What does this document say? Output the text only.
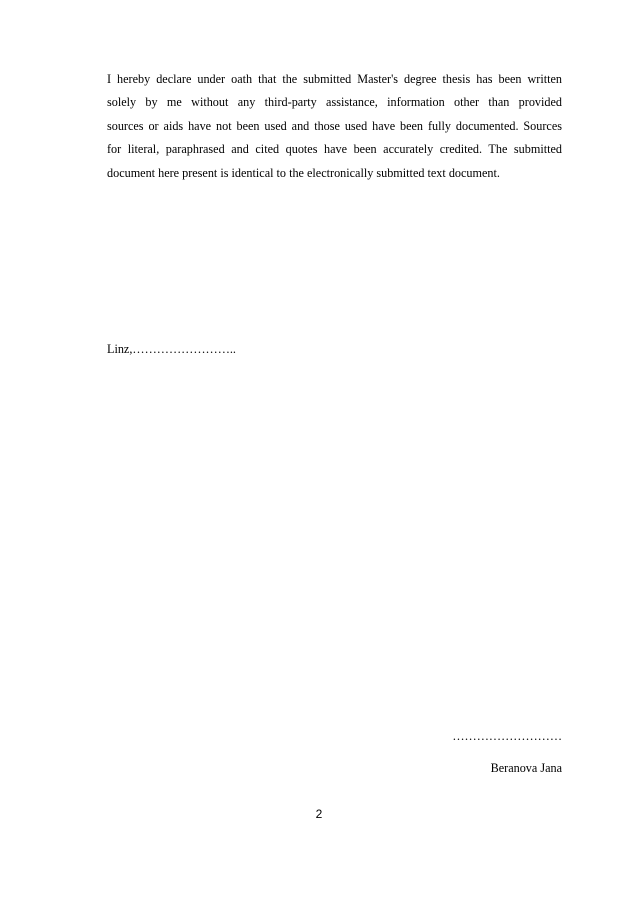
I hereby declare under oath that the submitted Master's degree thesis has been written
solely by me without any third-party assistance, information other than provided
sources or aids have not been used and those used have been fully documented. Sources
for literal, paraphrased and cited quotes have been accurately credited. The submitted
document here present is identical to the electronically submitted text document.
Linz,……………………..
………………………
Beranova Jana
2
